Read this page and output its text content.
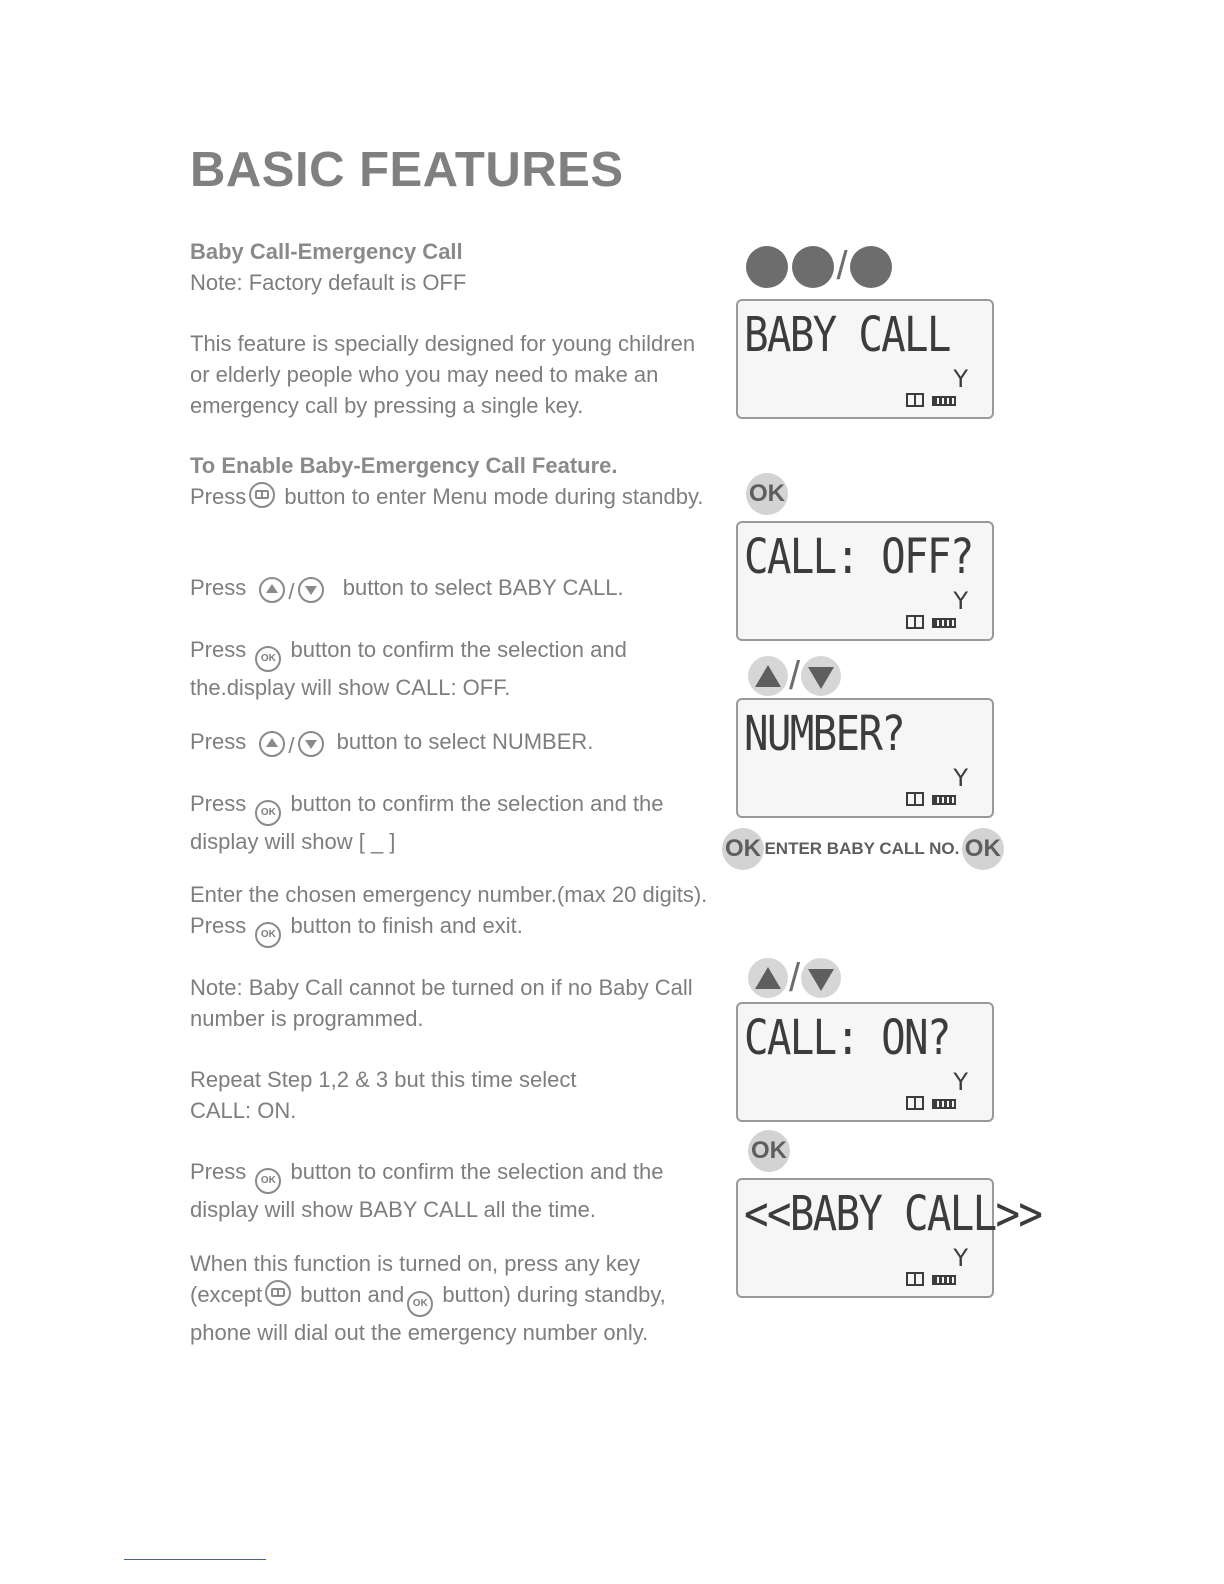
BASIC FEATURES

Baby Call-Emergency Call

Note: Factory default is OFF

This feature is specially designed for young children or elderly people who you may need to make an emergency call by pressing a single key.

To Enable Baby-Emergency Call Feature.

Press button to enter Menu mode during standby.

Press / button to select BABY CALL.

Press OK button to confirm the selection and the.display will show CALL: OFF.

Press / button to select NUMBER.

Press OK button to confirm the selection and the display will show [ _ ]

Enter the chosen emergency number.(max 20 digits). Press OK button to finish and exit.

Note: Baby Call cannot be turned on if no Baby Call number is programmed.

Repeat Step 1,2 & 3 but this time select CALL: ON.

Press OK button to confirm the selection and the display will show BABY CALL all the time.

When this function is turned on, press any key (except button and OK button) during standby, phone will dial out the emergency number only.

/
BABY CALL
Y
OK
CALL: OFF?
Y
/
NUMBER?
Y
OK ENTER BABY CALL NO. OK
/
CALL: ON?
Y
OK
<<BABY CALL>>
Y
